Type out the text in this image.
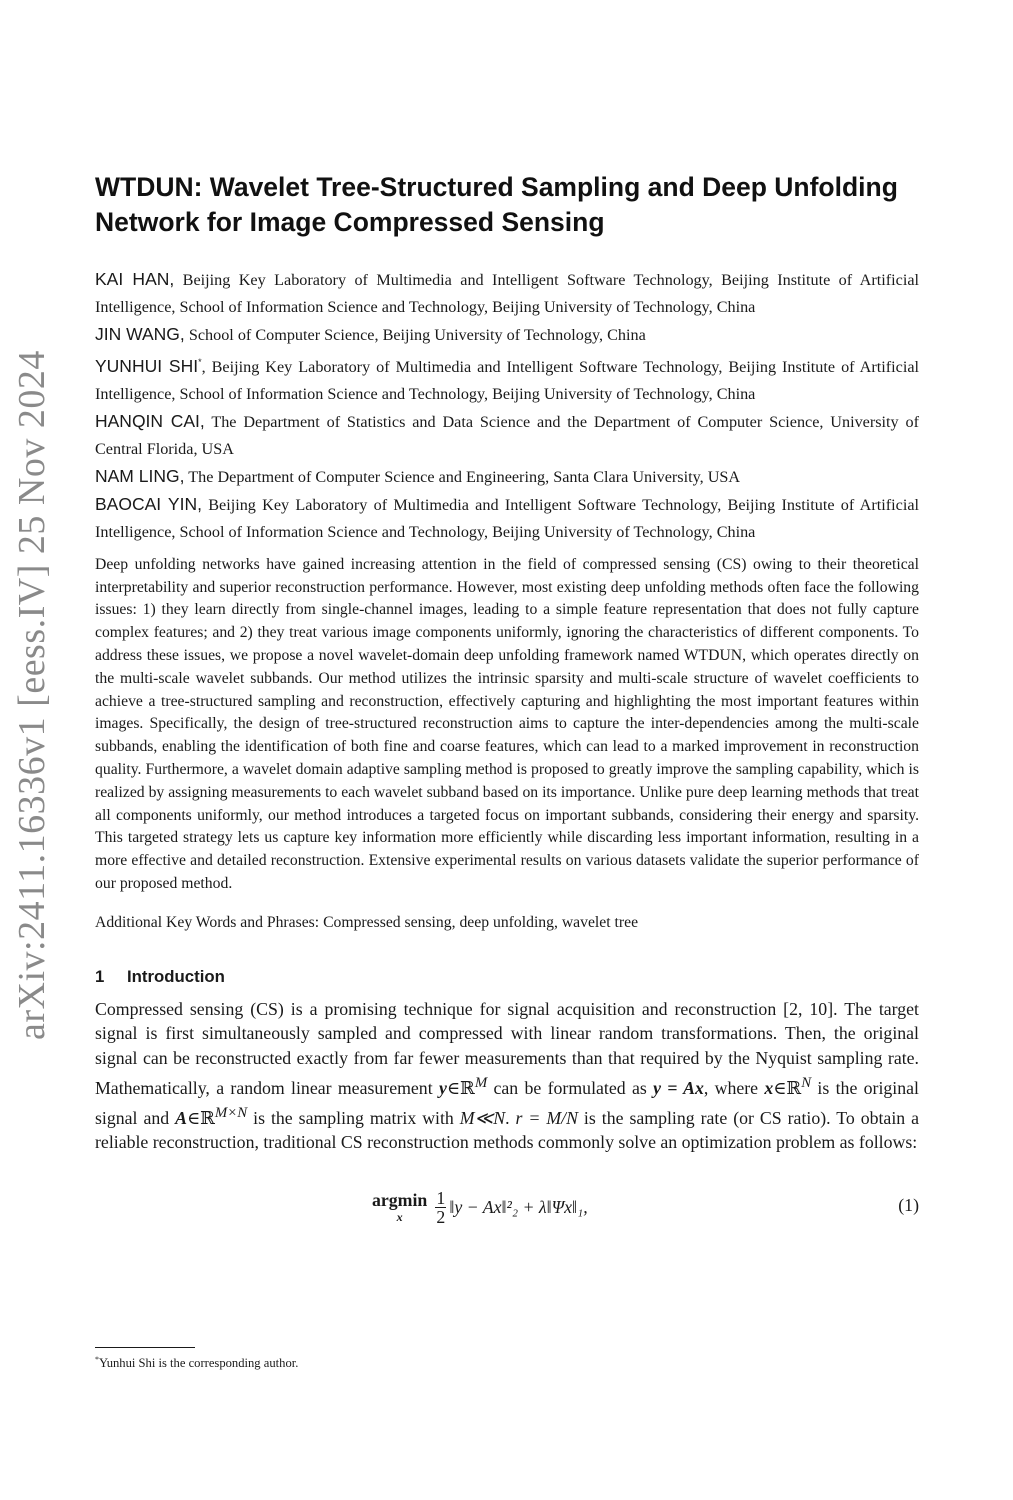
arXiv:2411.16336v1 [eess.IV] 25 Nov 2024
WTDUN: Wavelet Tree-Structured Sampling and Deep Unfolding Network for Image Compressed Sensing

KAI HAN, Beijing Key Laboratory of Multimedia and Intelligent Software Technology, Beijing Institute of Artificial Intelligence, School of Information Science and Technology, Beijing University of Technology, China

JIN WANG, School of Computer Science, Beijing University of Technology, China

YUNHUI SHI*, Beijing Key Laboratory of Multimedia and Intelligent Software Technology, Beijing Institute of Artificial Intelligence, School of Information Science and Technology, Beijing University of Technology, China

HANQIN CAI, The Department of Statistics and Data Science and the Department of Computer Science, University of Central Florida, USA

NAM LING, The Department of Computer Science and Engineering, Santa Clara University, USA

BAOCAI YIN, Beijing Key Laboratory of Multimedia and Intelligent Software Technology, Beijing Institute of Artificial Intelligence, School of Information Science and Technology, Beijing University of Technology, China

Deep unfolding networks have gained increasing attention in the field of compressed sensing (CS) owing to their theoretical interpretability and superior reconstruction performance. However, most existing deep unfolding methods often face the following issues: 1) they learn directly from single-channel images, leading to a simple feature representation that does not fully capture complex features; and 2) they treat various image components uniformly, ignoring the characteristics of different components. To address these issues, we propose a novel wavelet-domain deep unfolding framework named WTDUN, which operates directly on the multi-scale wavelet subbands. Our method utilizes the intrinsic sparsity and multi-scale structure of wavelet coefficients to achieve a tree-structured sampling and reconstruction, effectively capturing and highlighting the most important features within images. Specifically, the design of tree-structured reconstruction aims to capture the inter-dependencies among the multi-scale subbands, enabling the identification of both fine and coarse features, which can lead to a marked improvement in reconstruction quality. Furthermore, a wavelet domain adaptive sampling method is proposed to greatly improve the sampling capability, which is realized by assigning measurements to each wavelet subband based on its importance. Unlike pure deep learning methods that treat all components uniformly, our method introduces a targeted focus on important subbands, considering their energy and sparsity. This targeted strategy lets us capture key information more efficiently while discarding less important information, resulting in a more effective and detailed reconstruction. Extensive experimental results on various datasets validate the superior performance of our proposed method.

Additional Key Words and Phrases: Compressed sensing, deep unfolding, wavelet tree

1 Introduction

Compressed sensing (CS) is a promising technique for signal acquisition and reconstruction [2, 10]. The target signal is first simultaneously sampled and compressed with linear random transformations. Then, the original signal can be reconstructed exactly from far fewer measurements than that required by the Nyquist sampling rate. Mathematically, a random linear measurement y∈ℝ$^M$ can be formulated as y = Ax, where x∈ℝ$^N$ is the original signal and A∈ℝ$^{M\times N}$ is the sampling matrix with M≪N. r = M/N is the sampling rate (or CS ratio). To obtain a reliable reconstruction, traditional CS reconstruction methods commonly solve an optimization problem as follows:

argmin
x $\frac{1}{2}$ ‖y − Ax‖²₂ + λ‖Ψx‖₁,	(1)
*Yunhui Shi is the corresponding author.
